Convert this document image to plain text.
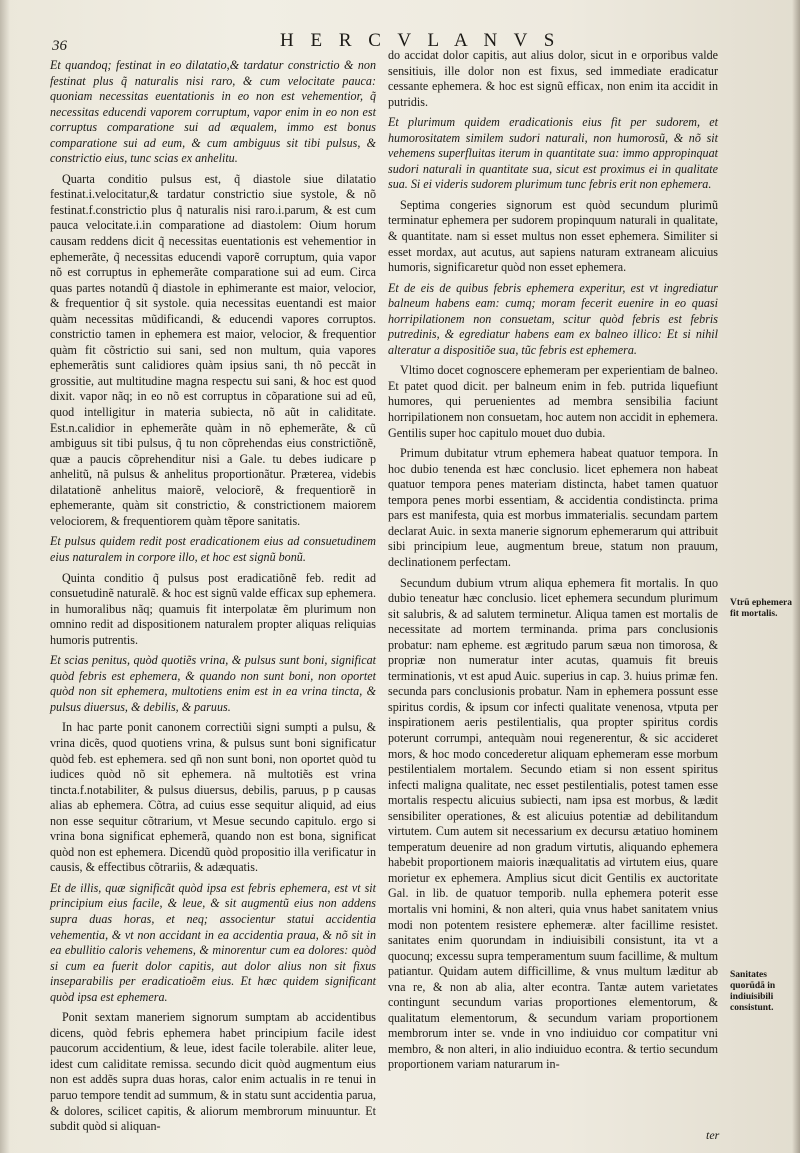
36	H E R C V L A N V S

Et quandoq; festinat in eo dilatatio,& tardatur constrictio & non festinat plus q̃ naturalis nisi raro, & cum velocitate pauca: quoniam necessitas euentationis in eo non est vehementior, q̃ necessitas educendi vaporem corruptum, vapor enim in eo non est corruptus comparatione sui ad æqualem, immo est bonus comparatione sui ad eum, & cum ambiguus sit tibi pulsus, & constrictio eius, tunc scias ex anhelitu.

Quarta conditio pulsus est, q̃ diastole siue dilatatio festinat.i.velocitatur,& tardatur constrictio siue systole, & nõ festinat.f.constrictio plus q̃ naturalis nisi raro.i.parum, & est cum pauca velocitate.i.in comparatione ad diastolem: Oium horum causam reddens dicit q̃ necessitas euentationis est vehementior in ephemerãte, q̃ necessitas educendi vaporẽ corruptum, quia vapor nõ est corruptus in ephemerãte comparatione sui ad eum. Circa quas partes notandũ q̃ diastole in ephimerante est maior, velocior, & frequentior q̃ sit systole. quia necessitas euentandi est maior quàm necessitas mũdificandi, & educendi vapores corruptos. constrictio tamen in ephemera est maior, velocior, & frequentior quàm fit cõstrictio sui sani, sed non multum, quia vapores ephemerãtis sunt calidiores quàm ipsius sani, th nõ peccãt in grossitie, aut multitudine magna respectu sui sani, & hoc est quod dixit. vapor nãq; in eo nõ est corruptus in cõparatione sui ad eũ, quod intelligitur in materia subiecta, nõ aũt in caliditate. Est.n.calidior in ephemerãte quàm in nõ ephemerãte, & cũ ambiguus sit tibi pulsus, q̃ tu non cõprehendas eius constrictiõnẽ, quæ a paucis cõprehenditur nisi a Gale. tu debes iudicare p anhelitũ, nã pulsus & anhelitus proportionãtur. Præterea, videbis dilatationẽ anhelitus maiorẽ, velociorẽ, & frequentiorẽ in ephemerante, quàm sit constrictio, & constrictionem maiorem velociorem, & frequentiorem quàm tẽpore sanitatis.

Et pulsus quidem redit post eradicationem eius ad consuetudinem eius naturalem in corpore illo, et hoc est signũ bonũ.

Quinta conditio q̃ pulsus post eradicatiõnẽ feb. redit ad consuetudinẽ naturalẽ. & hoc est signũ valde efficax sup ephemera. in humoralibus nãq; quamuis fit interpolatæ ẽm plurimum non omnino redit ad dispositionem naturalem propter aliquas reliquias humoris putrentis.

Et scias penitus, quòd quotiẽs vrina, & pulsus sunt boni, significat quòd febris est ephemera, & quando non sunt boni, non oportet quòd non sit ephemera, multotiens enim est in ea vrina tincta, & pulsus diuersus, & debilis, & paruus.

In hac parte ponit canonem correctiũi signi sumpti a pulsu, & vrina dicẽs, quod quotiens vrina, & pulsus sunt boni significatur quòd feb. est ephemera. sed qñ non sunt boni, non oportet quòd tu iudices quòd nõ sit ephemera. nã multotiẽs est vrina tincta.f.notabiliter, & pulsus diuersus, debilis, paruus, p p causas alias ab ephemera. Cõtra, ad cuius esse sequitur aliquid, ad eius non esse sequitur cõtrarium, vt Mesue secundo capitulo. ergo si vrina bona significat ephemerã, quando non est bona, significat quòd non est ephemera. Dicendũ quòd propositio illa verificatur in causis, & effectibus cõtrariis, & adæquatis.

Et de illis, quæ significãt quòd ipsa est febris ephemera, est vt sit principium eius facile, & leue, & sit augmentũ eius non addens supra duas horas, et neq; associentur statui accidentia vehementia, & vt non accidant in ea accidentia praua, & nõ sit in ea ebullitio caloris vehemens, & minorentur cum ea dolores: quòd si cum ea fuerit dolor capitis, aut dolor alius non sit fixus inseparabilis per eradicatioẽm eius. Et hæc quidem significant quòd ipsa est ephemera.

Ponit sextam maneriem signorum sumptam ab accidentibus dicens, quòd febris ephemera habet principium facile idest paucorum accidentium, & leue, idest facile tolerabile. aliter leue, idest cum caliditate remissa. secundo dicit quòd augmentum eius non est addẽs supra duas horas, calor enim actualis in re tenui in paruo tempore tendit ad summum, & in statu sunt accidentia parua, & dolores, scilicet capitis, & aliorum membrorum minuuntur. Et subdit quòd si aliquan-

do accidat dolor capitis, aut alius dolor, sicut in e orporibus valde sensitiuis, ille dolor non est fixus, sed immediate eradicatur cessante ephemera. & hoc est signũ efficax, non enim ita accidit in putridis.

Et plurimum quidem eradicationis eius fit per sudorem, et humorositatem similem sudori naturali, non humorosũ, & nõ sit vehemens superfluitas iterum in quantitate sua: immo appropinquat sudori naturali in quantitate sua, sicut est proximus ei in qualitate sua. Si ei videris sudorem plurimum tunc febris erit non ephemera.

Septima congeries signorum est quòd secundum plurimũ terminatur ephemera per sudorem propinquum naturali in qualitate, & quantitate. nam si esset multus non esset ephemera. Similiter si esset mordax, aut acutus, aut sapiens naturam extraneam alicuius humoris, significaretur quòd non esset ephemera.

Et de eis de quibus febris ephemera experitur, est vt ingrediatur balneum habens eam: cumq; moram fecerit euenire in eo quasi horripilationem non consuetam, scitur quòd febris est febris putredinis, & egrediatur habens eam ex balneo illico: Et si nihil alteratur a dispositiõe sua, tũc febris est ephemera.

Vltimo docet cognoscere ephemeram per experientiam de balneo. Et patet quod dicit. per balneum enim in feb. putrida liquefiunt humores, qui peruenientes ad membra sensibilia faciunt horripilationem non consuetam, hoc autem non accidit in ephemera. Gentilis super hoc capitulo mouet duo dubia.

Primum dubitatur vtrum ephemera habeat quatuor tempora. In hoc dubio tenenda est hæc conclusio. licet ephemera non habeat quatuor tempora penes materiam distincta, habet tamen quatuor tempora penes morbi essentiam, & accidentia condistincta. prima pars est manifesta, quia est morbus immaterialis. secundam partem declarat Auic. in sexta manerie signorum ephemerarum qui attribuit sibi principium leue, augmentum breue, statum non prauum, declinationem perfectam.

Secundum dubium vtrum aliqua ephemera fit mortalis. In quo dubio teneatur hæc conclusio. licet ephemera secundum plurimum sit salubris, & ad salutem terminetur. Aliqua tamen est mortalis de necessitate ad mortem terminanda. prima pars conclusionis probatur: nam epheme. est ægritudo parum sæua non timorosa, & propriæ non numeratur inter acutas, quamuis fit breuis terminationis, vt est apud Auic. superius in cap. 3. huius primæ fen. secunda pars conclusionis probatur. Nam in ephemera possunt esse spiritus cordis, & ipsum cor infecti qualitate venenosa, vtputa per inspirationem aeris pestilentialis, qua propter spiritus cordis poterunt corrumpi, antequàm noui regenerentur, & sic accideret mors, & hoc modo concederetur aliquam ephemeram esse morbum pestilentialem mortalem. Secundo etiam si non essent spiritus infecti maligna qualitate, nec esset pestilentialis, potest tamen esse mortalis respectu alicuius subiecti, nam ipsa est morbus, & lædit sensibiliter operationes, & est alicuius potentiæ ad debilitandum virtutem. Cum autem sit necessarium ex decursu ætatiuo hominem temperatum deuenire ad non gradum virtutis, aliquando ephemera habebit proportionem maioris inæqualitatis ad virtutem eius, quare morietur ex ephemera. Amplius sicut dicit Gentilis ex auctoritate Gal. in lib. de quatuor temporib. nulla ephemera poterit esse mortalis vni homini, & non alteri, quia vnus habet sanitatem vnius modi non potentem resistere ephemeræ. alter facillime resistet. sanitates enim quorundam in indiuisibili consistunt, ita vt a quocunq; excessu supra temperamentum suum facillime, & multum patiantur. Quidam autem difficillime, & vnus multum læditur ab vna re, & non ab alia, alter econtra. Tantæ autem varietates contingunt secundum varias proportiones elementorum, & qualitatum elementorum, & secundum variam proportionem membrorum inter se. vnde in vno indiuiduo cor compatitur vni membro, & non alteri, in alio indiuiduo econtra. & tertio secundum proportionem variam naturarum in-

Vtrũ ephemera fit mortalis.
Sanitates quorũdã in indiuisibili consistunt.
ter
